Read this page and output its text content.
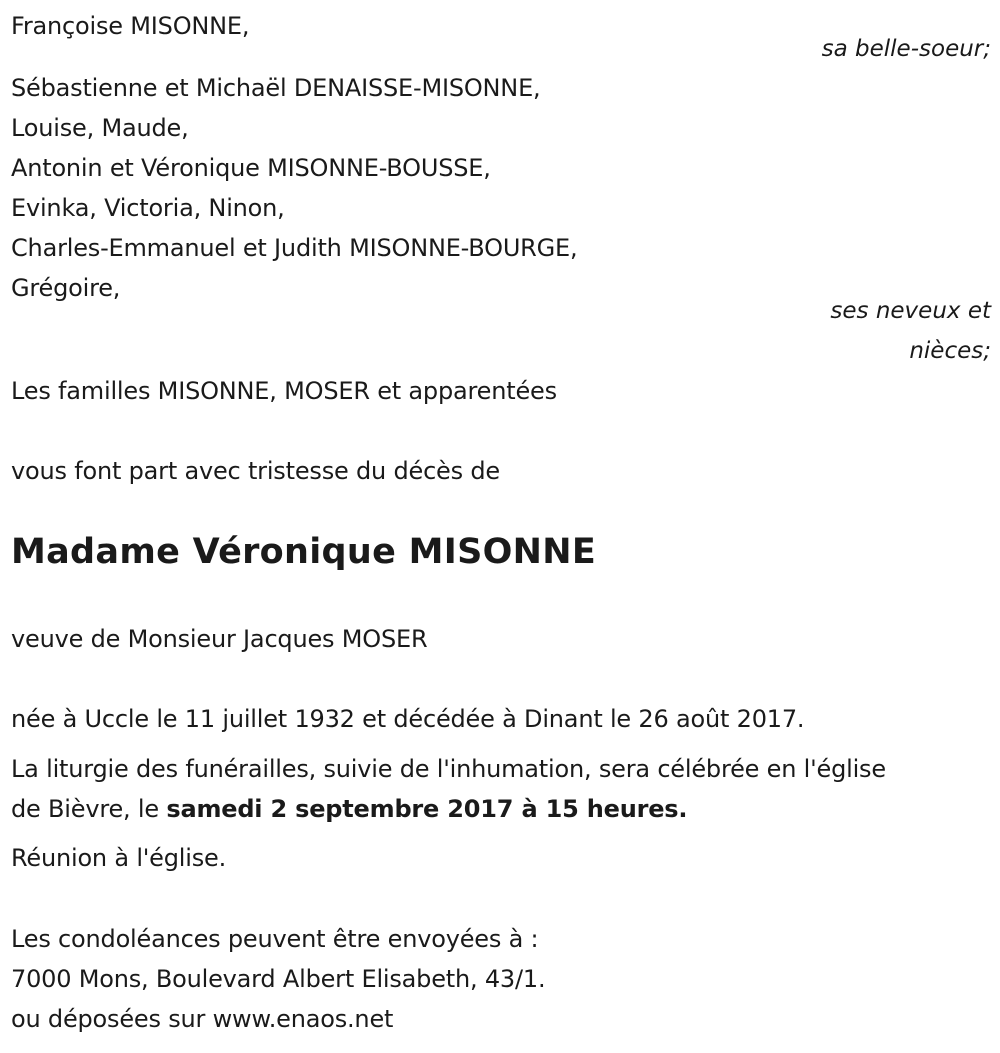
Françoise MISONNE,
sa belle-soeur;
Sébastienne et Michaël DENAISSE-MISONNE,
Louise, Maude,
Antonin et Véronique MISONNE-BOUSSE,
Evinka, Victoria, Ninon,
Charles-Emmanuel et Judith MISONNE-BOURGE,
Grégoire,
ses neveux et
nièces;
Les familles MISONNE, MOSER et apparentées
vous font part avec tristesse du décès de
Madame Véronique MISONNE
veuve de Monsieur Jacques MOSER
née à Uccle le 11 juillet 1932 et décédée à Dinant le 26 août 2017.
La liturgie des funérailles, suivie de l'inhumation, sera célébrée en l'église
de Bièvre, le samedi 2 septembre 2017 à 15 heures.
Réunion à l'église.
Les condoléances peuvent être envoyées à :
7000 Mons, Boulevard Albert Elisabeth, 43/1.
ou déposées sur www.enaos.net
